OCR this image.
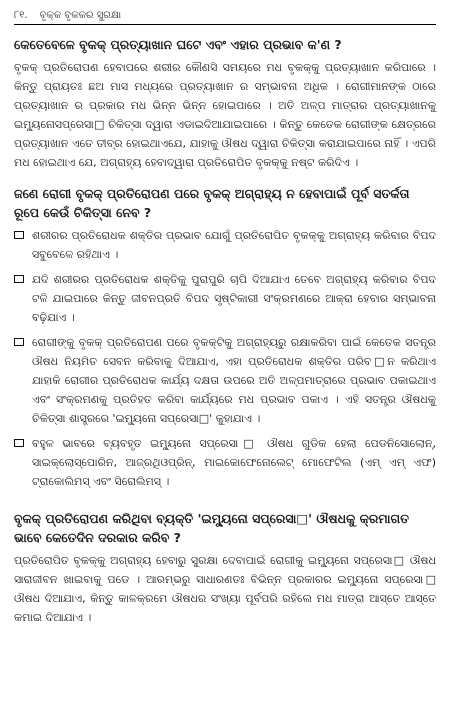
୮୧. ବୃକ୍କ ବୃକକର ସୁରକ୍ଷା

କେତେବେଳେ ବୃକକ୍ ପ୍ରତ୍ୟାଖାନ ଘଟେ ଏବଂ ଏହାର ପ୍ରଭାବ କ'ଣ ?

ବୃକକ୍ ପ୍ରତିରୋପଣ ହେବାପରେ ଶରୀର କୌଣସି ସମୟରେ ମଧ ବୃକକ୍କୁ ପ୍ରତ୍ୟାଖାନ କରିପାରେ । କିନ୍ତୁ ପ୍ରାୟତଃ ଛଅ ମାସ ମଧ୍ୟରେ ପ୍ରତ୍ୟାଖାନ ର ସମ୍ଭାବନା ଅଧିକ । ରୋଗୀମାନଙ୍କ ଠାରେ ପ୍ରତ୍ୟାଖାନ ର ପ୍ରକାର ମଧ ଭିନ୍ନ ଭିନ୍ନ ହୋଇପାରେ । ଅତି ଅଳ୍ପ ମାତ୍ରାର ପ୍ରତ୍ୟାଖାନକୁ ଇମ୍ୟୁନୋସପ୍ରେସା□ ଚିକିତ୍ସା ଦ୍ୱାରା ଏଡାଇଦିଆଯାଇପାରେ । କିନ୍ତୁ କେତେକ ରୋଗୀଙ୍କ କ୍ଷେତ୍ରରେ ପ୍ରତ୍ୟାଖାନ ଏତେ ତୀବ୍ର ହୋଇଥାଏଯେ, ଯାହାକୁ ଔଷଧ ଦ୍ୱାରା ଚିକିତ୍ସା କରାଯାଇପାରେ ନାହିଁ । ଏପରି ମଧ ହୋଇଥାଏ ଯେ, ଅଗ୍ରାହ୍ୟ ହେବାଦ୍ୱାରା ପ୍ରତିରୋପିତ ବୃକକ୍କୁ ନଷ୍ଟ କରିଦିଏ ।

ଜଣେ ରୋଗୀ ବୃକକ୍ ପ୍ରତିରୋପଣ ପରେ ବୃକକ୍ ଅଗ୍ରାହ୍ୟ ନ ହେବାପାଇଁ ପୂର୍ବ ସତର୍କତା ରୂପେ କେଉଁ ଚିକିତ୍ସା ନେବ ?

ଶରୀରର ପ୍ରତିରୋଧକ ଶକ୍ତିର ପ୍ରଭାବ ଯୋଗୁଁ ପ୍ରତିରୋପିତ ବୃକକ୍କୁ ଅଗ୍ରାହ୍ୟ କରିବାର ବିପଦ ସବୁବେଳେ ରହିଥାଏ ।

ଯଦି ଶରୀରର ପ୍ରତିରୋଧକ ଶକ୍ତିକୁ ପୁରାପୁରି ଚାପି ଦିଆଯାଏ ତେବେ ଅଗ୍ରାହ୍ୟ କରିବାର ବିପଦ ଟଳି ଯାଇପାରେ କିନ୍ତୁ ଜୀବନପ୍ରତି ବିପଦ ସୃଷ୍ଟିକାରୀ ସଂକ୍ରମଣରେ ଆକ୍ରା ହେବାର ସମ୍ଭାବନା ବଢ଼ିଯାଏ ।

ରୋଗୀଙ୍କୁ ବୃକକ୍ ପ୍ରତିରୋପଣ ପରେ ବୃକକ୍ଟିକୁ ଅଗ୍ରାହ୍ୟରୁ ରକ୍ଷାକରିବା ପାଇଁ କେତେକ ସତନ୍ତ୍ର ଔଷଧ ନିୟମିତ ସେବନ କରିବାକୁ ଦିଆଯାଏ, ଏହା ପ୍ରତିରୋଧକ ଶକ୍ତିର ପରିବ□ନ କରିଥାଏ ଯାହାକି ରୋଗୀର ପ୍ରତିରୋଧକ କାର୍ଯ୍ୟ ଦକ୍ଷତା ଉପରେ ଅତି ଅଳ୍ପମାତ୍ରାରେ ପ୍ରଭାବ ପକାଇଥାଏ ଏବଂ ସଂକ୍ରମଣକୁ ପ୍ରତିହତ କରିବା କାର୍ଯ୍ୟରେ ମଧ ପ୍ରଭାବ ପକାଏ । ଏହି ସତନ୍ତ୍ର ଔଷଧକୁ ଚିକିତ୍ସା ଶାସ୍ତ୍ରରେ 'ଇମ୍ୟୁନୋ ସପ୍ରେସା□' କୁହାଯାଏ ।

ବହୁଳ ଭାବରେ ବ୍ୟବହୃତ ଇମ୍ୟୁନୋ ସପ୍ରେସା□ ଔଷଧ ଗୁଡିକ ହେଲା ପେଡନିସୋଲୋନ୍, ସାଇକ୍ଲୋସ୍ପୋରିନ, ଆଜ୍ରଥିଓପ୍ରିନ୍, ମାଇକୋଫେନୋଲେଟ୍ ମୋଫେଟିଲ (ଏମ୍ ଏମ୍ ଏଫ) ଟ୍ରାକୋଲିମସ୍ ଏବଂ ସିରୋଲିମସ୍ ।

ବୃକକ୍ ପ୍ରତିରୋପଣ କରିଥିବା ବ୍ୟକ୍ତି 'ଇମ୍ୟୁନୋ ସପ୍ରେସା□' ଔଷଧକୁ କ୍ରମାଗତ ଭାବେ କେତେଦିନ ଦରକାର କରିବ ?

ପ୍ରତିରୋପିତ ବୃକକ୍କୁ ଅଗ୍ରାହ୍ୟ ହେବାରୁ ସୁରକ୍ଷା ଦେବାପାଇଁ ରୋଗୀକୁ ଇମ୍ୟୁନୋ ସପ୍ରେସା□ ଔଷଧ ସାରାଜୀବନ ଖାଇବାକୁ ପଡେ । ଆରମ୍ଭରୁ ସାଧାରଣତଃ ବିଭିନ୍ନ ପ୍ରକାରର ଇମ୍ୟୁନୋ ସପ୍ରେସା□ ଔଷଧ ଦିଆଯାଏ, କିନ୍ତୁ କାଳକ୍ରମେ ଔଷଧର ସଂଖ୍ୟା ପୂର୍ବପରି ରହିଲେ ମଧ ମାତ୍ରା ଆସ୍ତେ ଆସ୍ତେ କମାଇ ଦିଆଯାଏ ।
